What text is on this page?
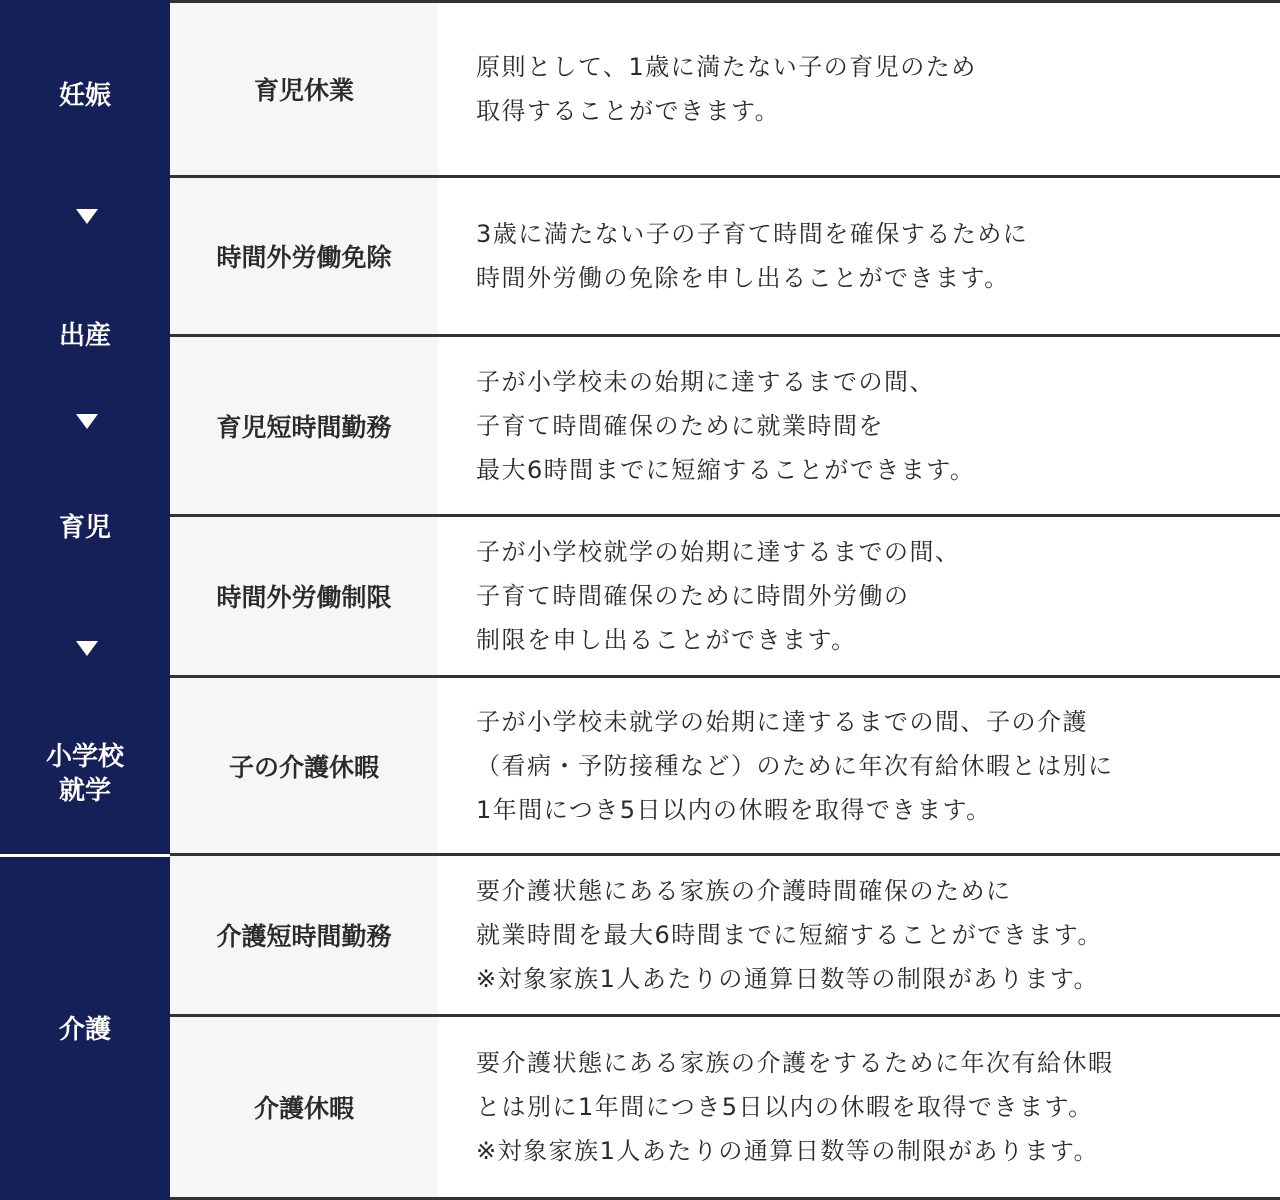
妊娠
出産
育児
小学校
就学
介護
育児休業
原則として、1歳に満たない子の育児のため
取得することができます。
時間外労働免除
3歳に満たない子の子育て時間を確保するために
時間外労働の免除を申し出ることができます。
育児短時間勤務
子が小学校未の始期に達するまでの間、
子育て時間確保のために就業時間を
最大6時間までに短縮することができます。
時間外労働制限
子が小学校就学の始期に達するまでの間、
子育て時間確保のために時間外労働の
制限を申し出ることができます。
子の介護休暇
子が小学校未就学の始期に達するまでの間、子の介護
（看病・予防接種など）のために年次有給休暇とは別に
1年間につき5日以内の休暇を取得できます。
介護短時間勤務
要介護状態にある家族の介護時間確保のために
就業時間を最大6時間までに短縮することができます。
※対象家族1人あたりの通算日数等の制限があります。
介護休暇
要介護状態にある家族の介護をするために年次有給休暇
とは別に1年間につき5日以内の休暇を取得できます。
※対象家族1人あたりの通算日数等の制限があります。
